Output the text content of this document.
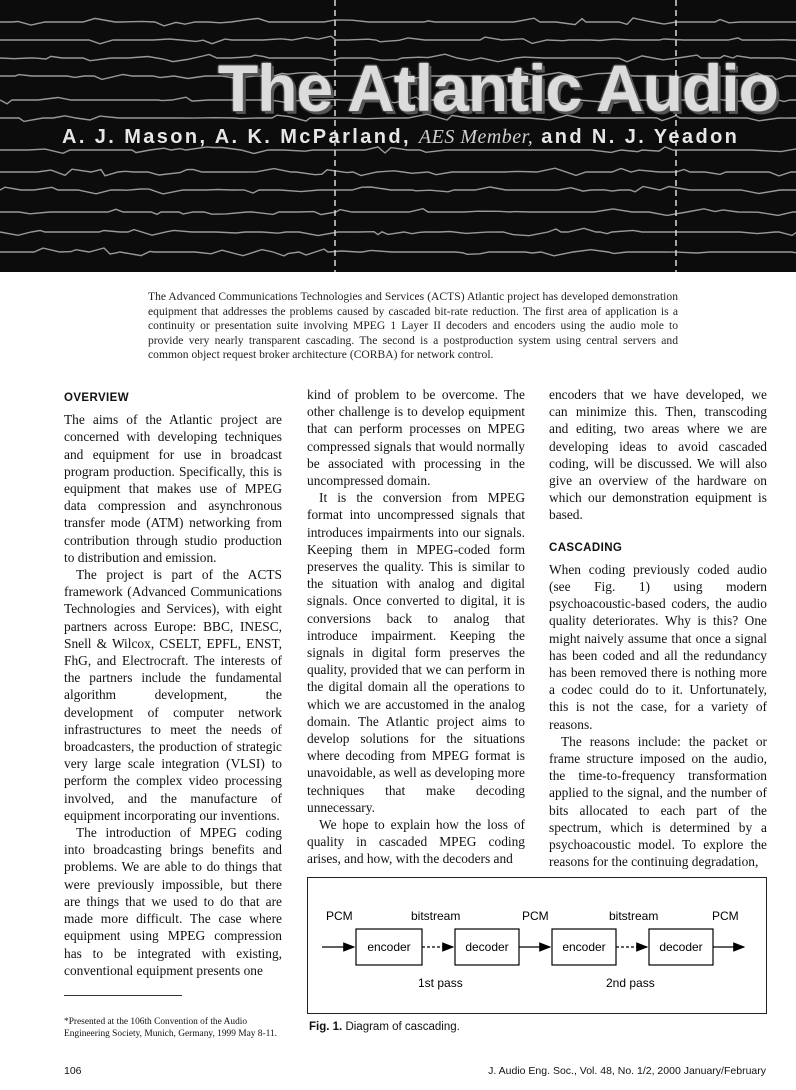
The Atlantic Audio
A. J. Mason, A. K. McParland, AES Member, and N. J. Yeadon
The Advanced Communications Technologies and Services (ACTS) Atlantic project has developed demonstration equipment that addresses the problems caused by cascaded bit-rate reduction. The first area of application is a continuity or presentation suite involving MPEG 1 Layer II decoders and encoders using the audio mole to provide very nearly transparent cascading. The second is a postproduction system using central servers and common object request broker architecture (CORBA) for network control.
OVERVIEW

The aims of the Atlantic project are concerned with developing techniques and equipment for use in broadcast program production. Specifically, this is equipment that makes use of MPEG data compression and asynchronous transfer mode (ATM) networking from contribution through studio production to distribution and emission.

The project is part of the ACTS framework (Advanced Communications Technologies and Services), with eight partners across Europe: BBC, INESC, Snell & Wilcox, CSELT, EPFL, ENST, FhG, and Electrocraft. The interests of the partners include the fundamental algorithm development, the development of computer network infrastructures to meet the needs of broadcasters, the production of strategic very large scale integration (VLSI) to perform the complex video processing involved, and the manufacture of equipment incorporating our inventions.

The introduction of MPEG coding into broadcasting brings benefits and problems. We are able to do things that were previously impossible, but there are things that we used to do that are made more difficult. The case where equipment using MPEG compression has to be integrated with existing, conventional equipment presents one

kind of problem to be overcome. The other challenge is to develop equipment that can perform processes on MPEG compressed signals that would normally be associated with processing in the uncompressed domain.

It is the conversion from MPEG format into uncompressed signals that introduces impairments into our signals. Keeping them in MPEG-coded form preserves the quality. This is similar to the situation with analog and digital signals. Once converted to digital, it is conversions back to analog that introduce impairment. Keeping the signals in digital form preserves the quality, provided that we can perform in the digital domain all the operations to which we are accustomed in the analog domain. The Atlantic project aims to develop solutions for the situations where decoding from MPEG format is unavoidable, as well as developing more techniques that make decoding unnecessary.

We hope to explain how the loss of quality in cascaded MPEG coding arises, and how, with the decoders and

encoders that we have developed, we can minimize this. Then, transcoding and editing, two areas where we are developing ideas to avoid cascaded coding, will be discussed. We will also give an overview of the hardware on which our demonstration equipment is based.

CASCADING

When coding previously coded audio (see Fig. 1) using modern psychoacoustic-based coders, the audio quality deteriorates. Why is this? One might naively assume that once a signal has been coded and all the redundancy has been removed there is nothing more a codec could do to it. Unfortunately, this is not the case, for a variety of reasons.

The reasons include: the packet or frame structure imposed on the audio, the time-to-frequency transformation applied to the signal, and the number of bits allocated to each part of the spectrum, which is determined by a psychoacoustic model. To explore the reasons for the continuing degradation,

*Presented at the 106th Convention of the Audio Engineering Society, Munich, Germany, 1999 May 8-11.
PCM	bitstream	PCM	bitstream	PCM
encoder	decoder	encoder	decoder
1st pass	2nd pass
Fig. 1. Diagram of cascading.
106	J. Audio Eng. Soc., Vol. 48, No. 1/2, 2000 January/February
